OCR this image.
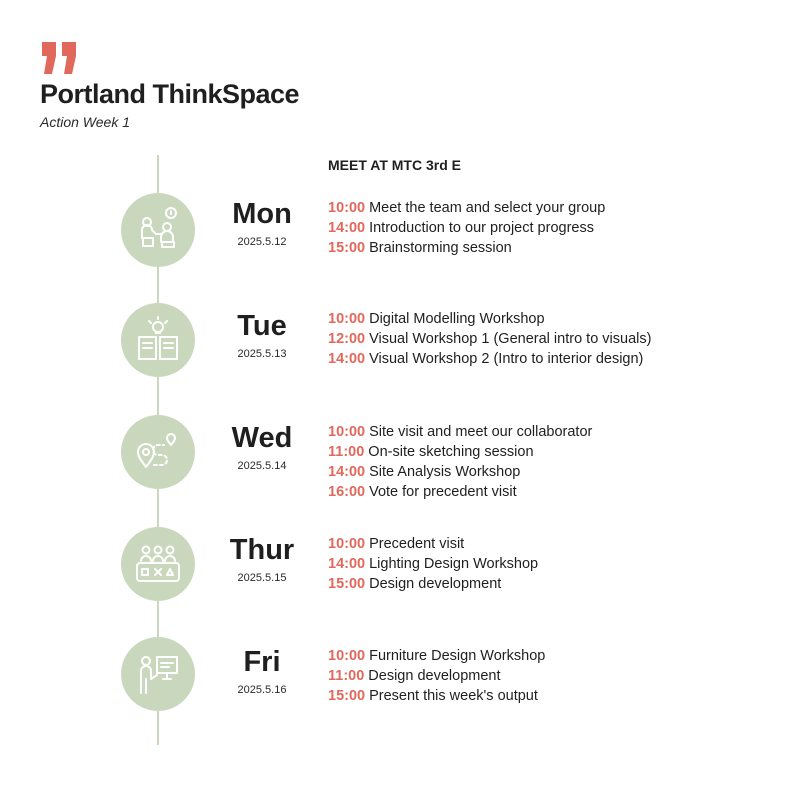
Portland ThinkSpace
Action Week 1
MEET AT MTC 3rd E
Mon
2025.5.12
10:00 Meet the team and select your group
14:00 Introduction to our project progress
15:00 Brainstorming session
Tue
2025.5.13
10:00 Digital Modelling Workshop
12:00 Visual Workshop 1 (General intro to visuals)
14:00 Visual Workshop 2 (Intro to interior design)
Wed
2025.5.14
10:00 Site visit and meet our collaborator
11:00 On-site sketching session
14:00 Site Analysis Workshop
16:00 Vote for precedent visit
Thur
2025.5.15
10:00 Precedent visit
14:00 Lighting Design Workshop
15:00 Design development
Fri
2025.5.16
10:00 Furniture Design Workshop
11:00 Design development
15:00 Present this week's output
